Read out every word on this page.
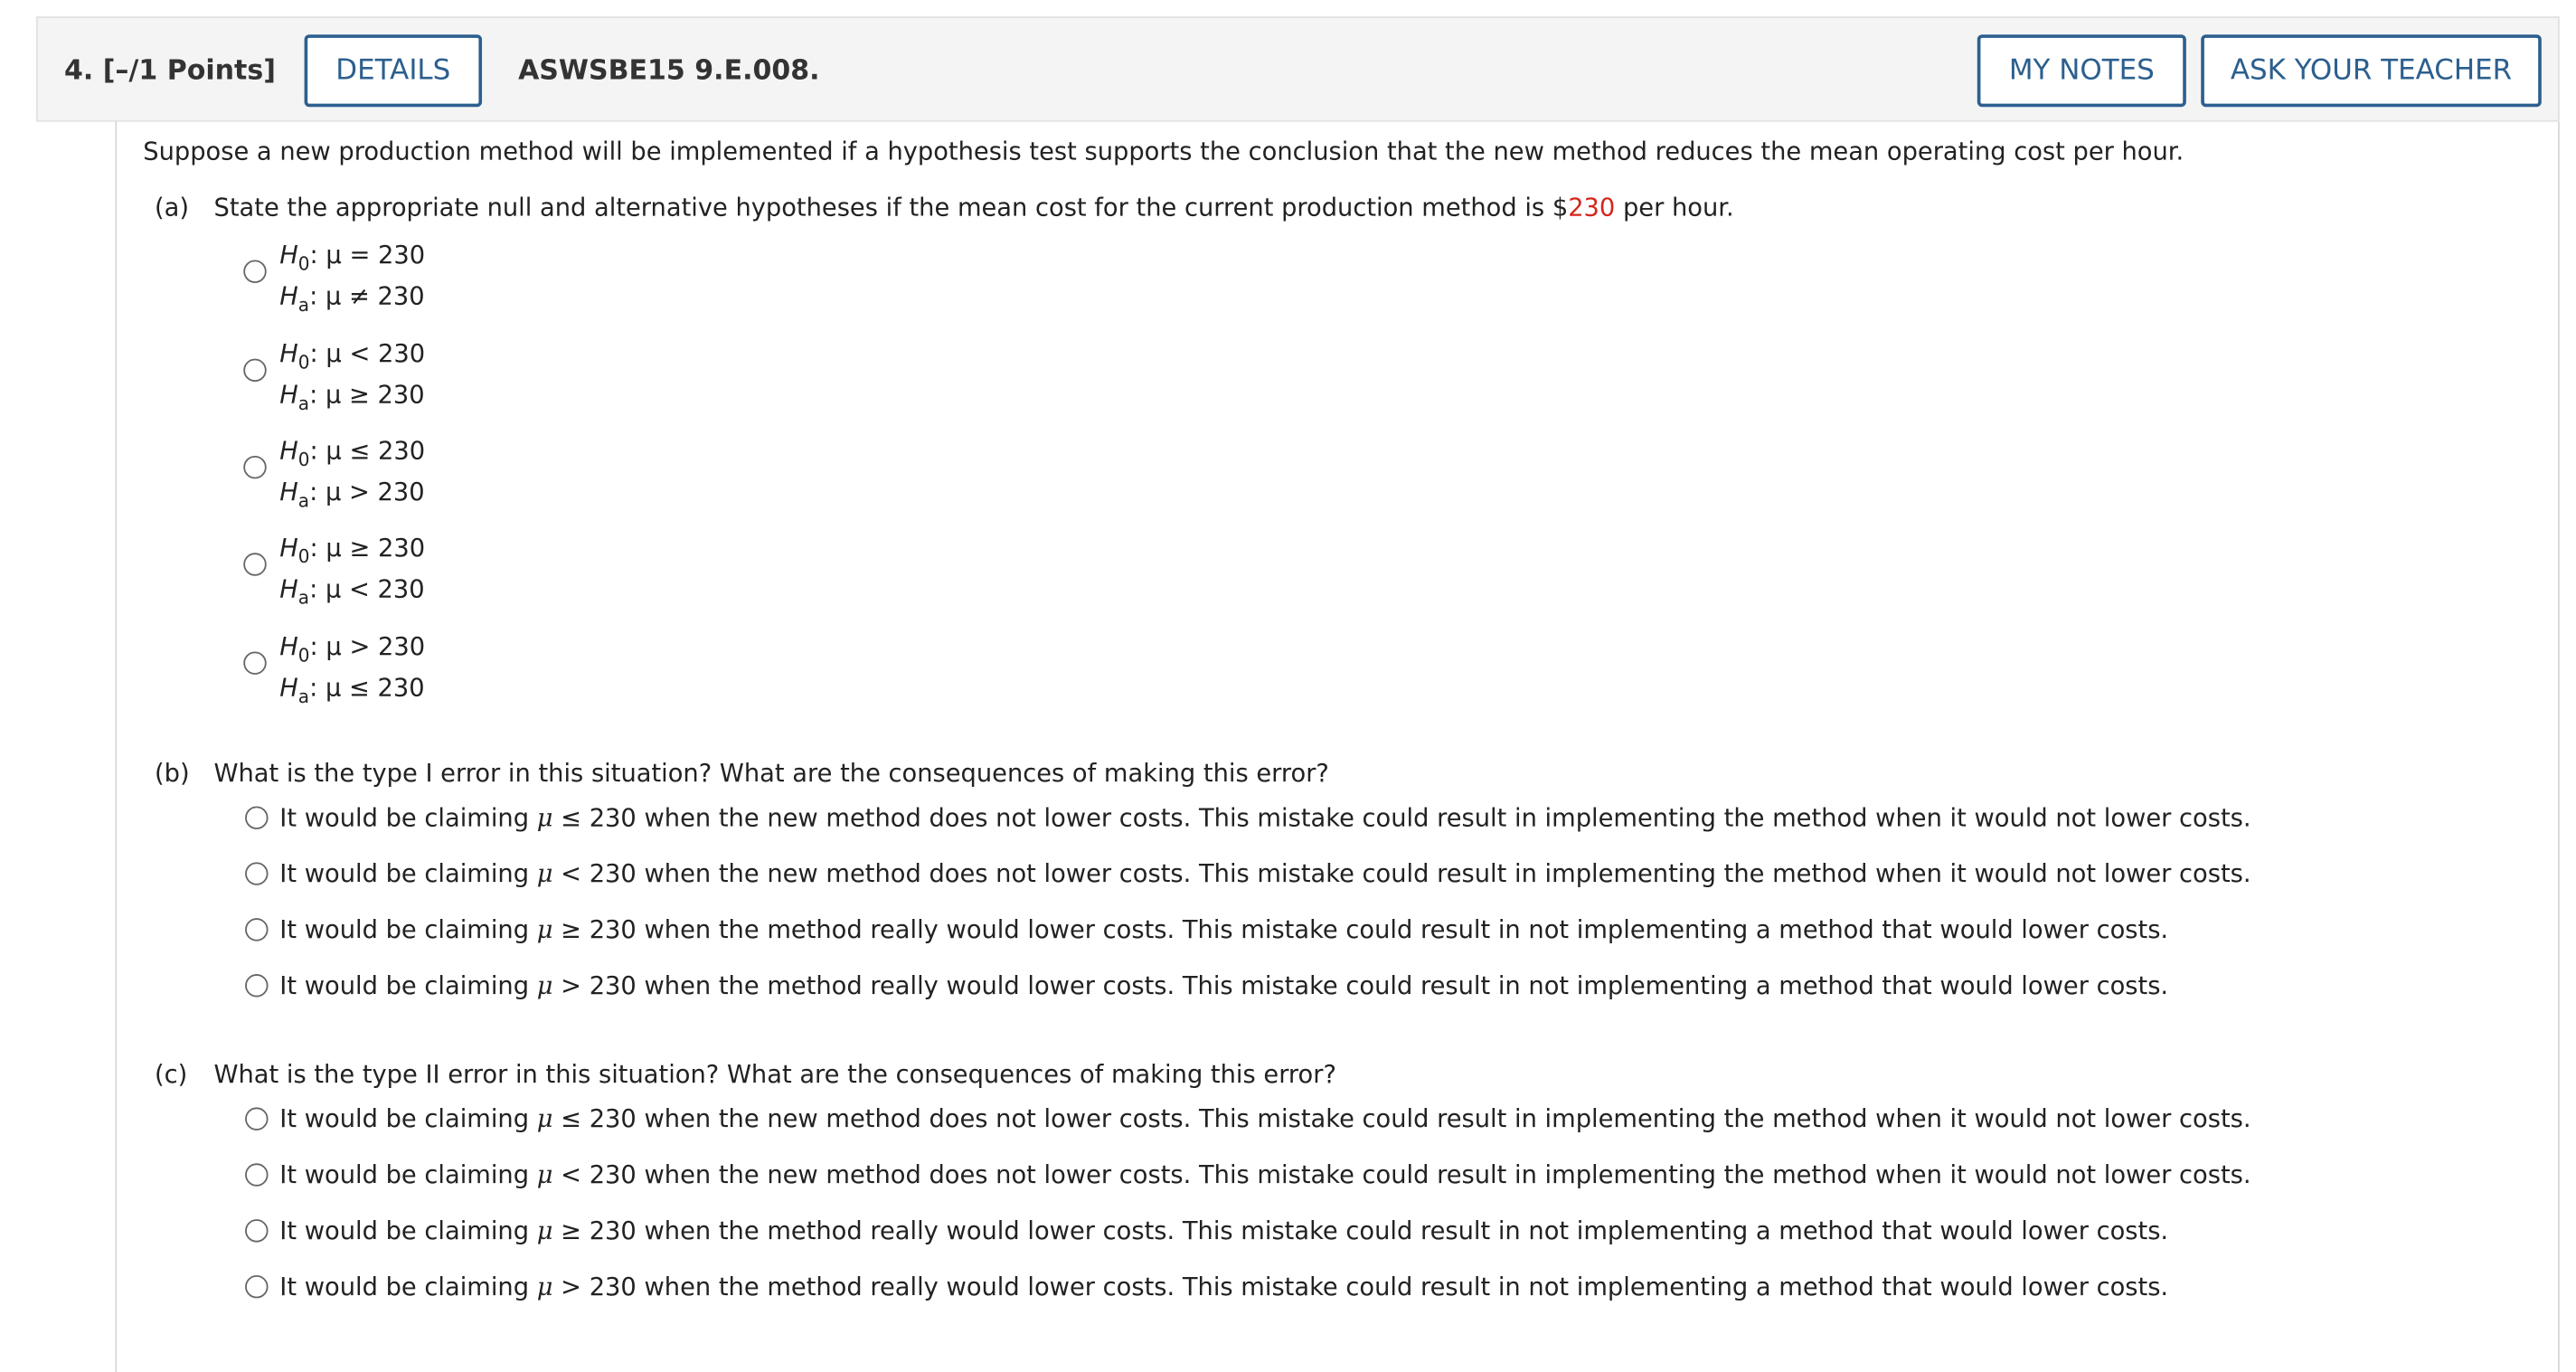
4. [–/1 Points]	DETAILS	ASWSBE15 9.E.008.	MY NOTES	ASK YOUR TEACHER
Suppose a new production method will be implemented if a hypothesis test supports the conclusion that the new method reduces the mean operating cost per hour.
(a) State the appropriate null and alternative hypotheses if the mean cost for the current production method is $230 per hour.
$H_0$: μ = 230
$H_a$: μ ≠ 230
$H_0$: μ < 230
$H_a$: μ ≥ 230
$H_0$: μ ≤ 230
$H_a$: μ > 230
$H_0$: μ ≥ 230
$H_a$: μ < 230
$H_0$: μ > 230
$H_a$: μ ≤ 230
(b) What is the type I error in this situation? What are the consequences of making this error?
It would be claiming μ ≤ 230 when the new method does not lower costs. This mistake could result in implementing the method when it would not lower costs.
It would be claiming μ < 230 when the new method does not lower costs. This mistake could result in implementing the method when it would not lower costs.
It would be claiming μ ≥ 230 when the method really would lower costs. This mistake could result in not implementing a method that would lower costs.
It would be claiming μ > 230 when the method really would lower costs. This mistake could result in not implementing a method that would lower costs.
(c) What is the type II error in this situation? What are the consequences of making this error?
It would be claiming μ ≤ 230 when the new method does not lower costs. This mistake could result in implementing the method when it would not lower costs.
It would be claiming μ < 230 when the new method does not lower costs. This mistake could result in implementing the method when it would not lower costs.
It would be claiming μ ≥ 230 when the method really would lower costs. This mistake could result in not implementing a method that would lower costs.
It would be claiming μ > 230 when the method really would lower costs. This mistake could result in not implementing a method that would lower costs.
